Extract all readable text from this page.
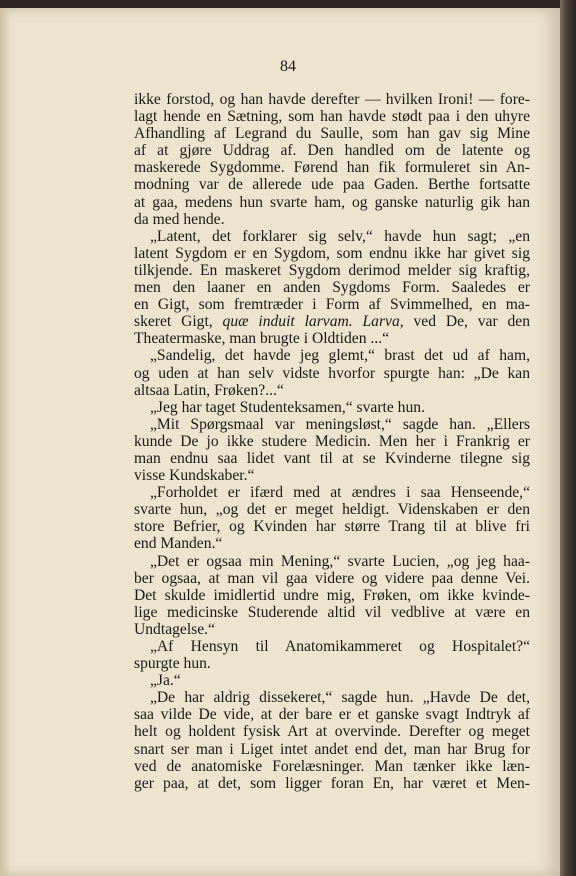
84
ikke forstod, og han havde derefter — hvilken Ironi! — fore-
lagt hende en Sætning, som han havde stødt paa i den uhyre
Afhandling af Legrand du Saulle, som han gav sig Mine
af at gjøre Uddrag af. Den handled om de latente og
maskerede Sygdomme. Førend han fik formuleret sin An-
modning var de allerede ude paa Gaden. Berthe fortsatte
at gaa, medens hun svarte ham, og ganske naturlig gik han
da med hende.
„Latent, det forklarer sig selv,“ havde hun sagt; „en
latent Sygdom er en Sygdom, som endnu ikke har givet sig
tilkjende. En maskeret Sygdom derimod melder sig kraftig,
men den laaner en anden Sygdoms Form. Saaledes er
en Gigt, som fremtræder i Form af Svimmelhed, en ma-
skeret Gigt, quæ induit larvam. Larva, ved De, var den
Theatermaske, man brugte i Oldtiden ...“
„Sandelig, det havde jeg glemt,“ brast det ud af ham,
og uden at han selv vidste hvorfor spurgte han: „De kan
altsaa Latin, Frøken?...“
„Jeg har taget Studenteksamen,“ svarte hun.
„Mit Spørgsmaal var meningsløst,“ sagde han. „Ellers
kunde De jo ikke studere Medicin. Men her i Frankrig er
man endnu saa lidet vant til at se Kvinderne tilegne sig
visse Kundskaber.“
„Forholdet er ifærd med at ændres i saa Henseende,“
svarte hun, „og det er meget heldigt. Videnskaben er den
store Befrier, og Kvinden har større Trang til at blive fri
end Manden.“
„Det er ogsaa min Mening,“ svarte Lucien, „og jeg haa-
ber ogsaa, at man vil gaa videre og videre paa denne Vei.
Det skulde imidlertid undre mig, Frøken, om ikke kvinde-
lige medicinske Studerende altid vil vedblive at være en
Undtagelse.“
„Af Hensyn til Anatomikammeret og Hospitalet?“
spurgte hun.
„Ja.“
„De har aldrig dissekeret,“ sagde hun. „Havde De det,
saa vilde De vide, at der bare er et ganske svagt Indtryk af
helt og holdent fysisk Art at overvinde. Derefter og meget
snart ser man i Liget intet andet end det, man har Brug for
ved de anatomiske Forelæsninger. Man tænker ikke læn-
ger paa, at det, som ligger foran En, har været et Men-
